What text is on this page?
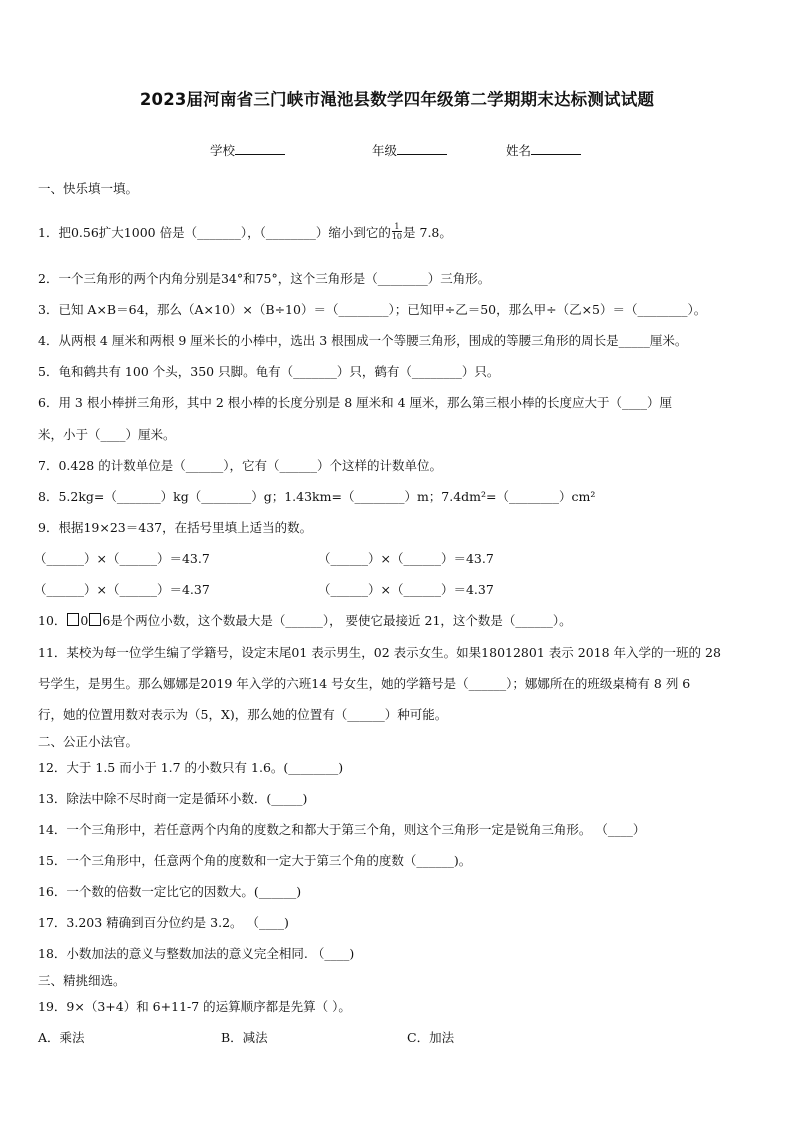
2023届河南省三门峡市渑池县数学四年级第二学期期末达标测试试题
学校	年级	姓名
一、快乐填一填。
1．把0.56扩大1000 倍是（_______），（________）缩小到它的 $\frac{1}{10}$ 是 7.8。
2．一个三角形的两个内角分别是34°和75°，这个三角形是（________）三角形。
3．已知 A×B＝64，那么（A×10）×（B÷10）＝（________）；已知甲÷乙＝50，那么甲÷（乙×5）＝（________）。
4．从两根 4 厘米和两根 9 厘米长的小棒中，选出 3 根围成一个等腰三角形，围成的等腰三角形的周长是_____厘米。
5．龟和鹤共有 100 个头，350 只脚。龟有（_______）只，鹤有（________）只。
6．用 3 根小棒拼三角形，其中 2 根小棒的长度分别是 8 厘米和 4 厘米，那么第三根小棒的长度应大于（____）厘
米，小于（____）厘米。
7．0.428 的计数单位是（______），它有（______）个这样的计数单位。
8．5.2kg=（_______）kg（________）g；1.43km=（________）m；7.4dm²=（________）cm²
9．根据19×23＝437，在括号里填上适当的数。
（______）×（______）＝43.7	（______）×（______）＝43.7
（______）×（______）＝4.37	（______）×（______）＝4.37
10． 0 6是个两位小数，这个数最大是（______）， 要使它最接近 21，这个数是（______）。
11．某校为每一位学生编了学籍号，设定末尾01 表示男生，02 表示女生。如果18012801 表示 2018 年入学的一班的 28
号学生，是男生。那么娜娜是2019 年入学的六班14 号女生，她的学籍号是（______）；娜娜所在的班级桌椅有 8 列 6
行，她的位置用数对表示为（5，X)，那么她的位置有（______）种可能。
二、公正小法官。
12．大于 1.5 而小于 1.7 的小数只有 1.6。(________)
13．除法中除不尽时商一定是循环小数．(_____)
14．一个三角形中，若任意两个内角的度数之和都大于第三个角，则这个三角形一定是锐角三角形。 （____）
15．一个三角形中，任意两个角的度数和一定大于第三个角的度数（______)。
16．一个数的倍数一定比它的因数大。(______)
17．3.203 精确到百分位约是 3.2。 （____)
18．小数加法的意义与整数加法的意义完全相同. （____)
三、精挑细选。
19．9×（3+4）和 6+11-7 的运算顺序都是先算（ ）。
A．乘法	B．减法	C．加法
